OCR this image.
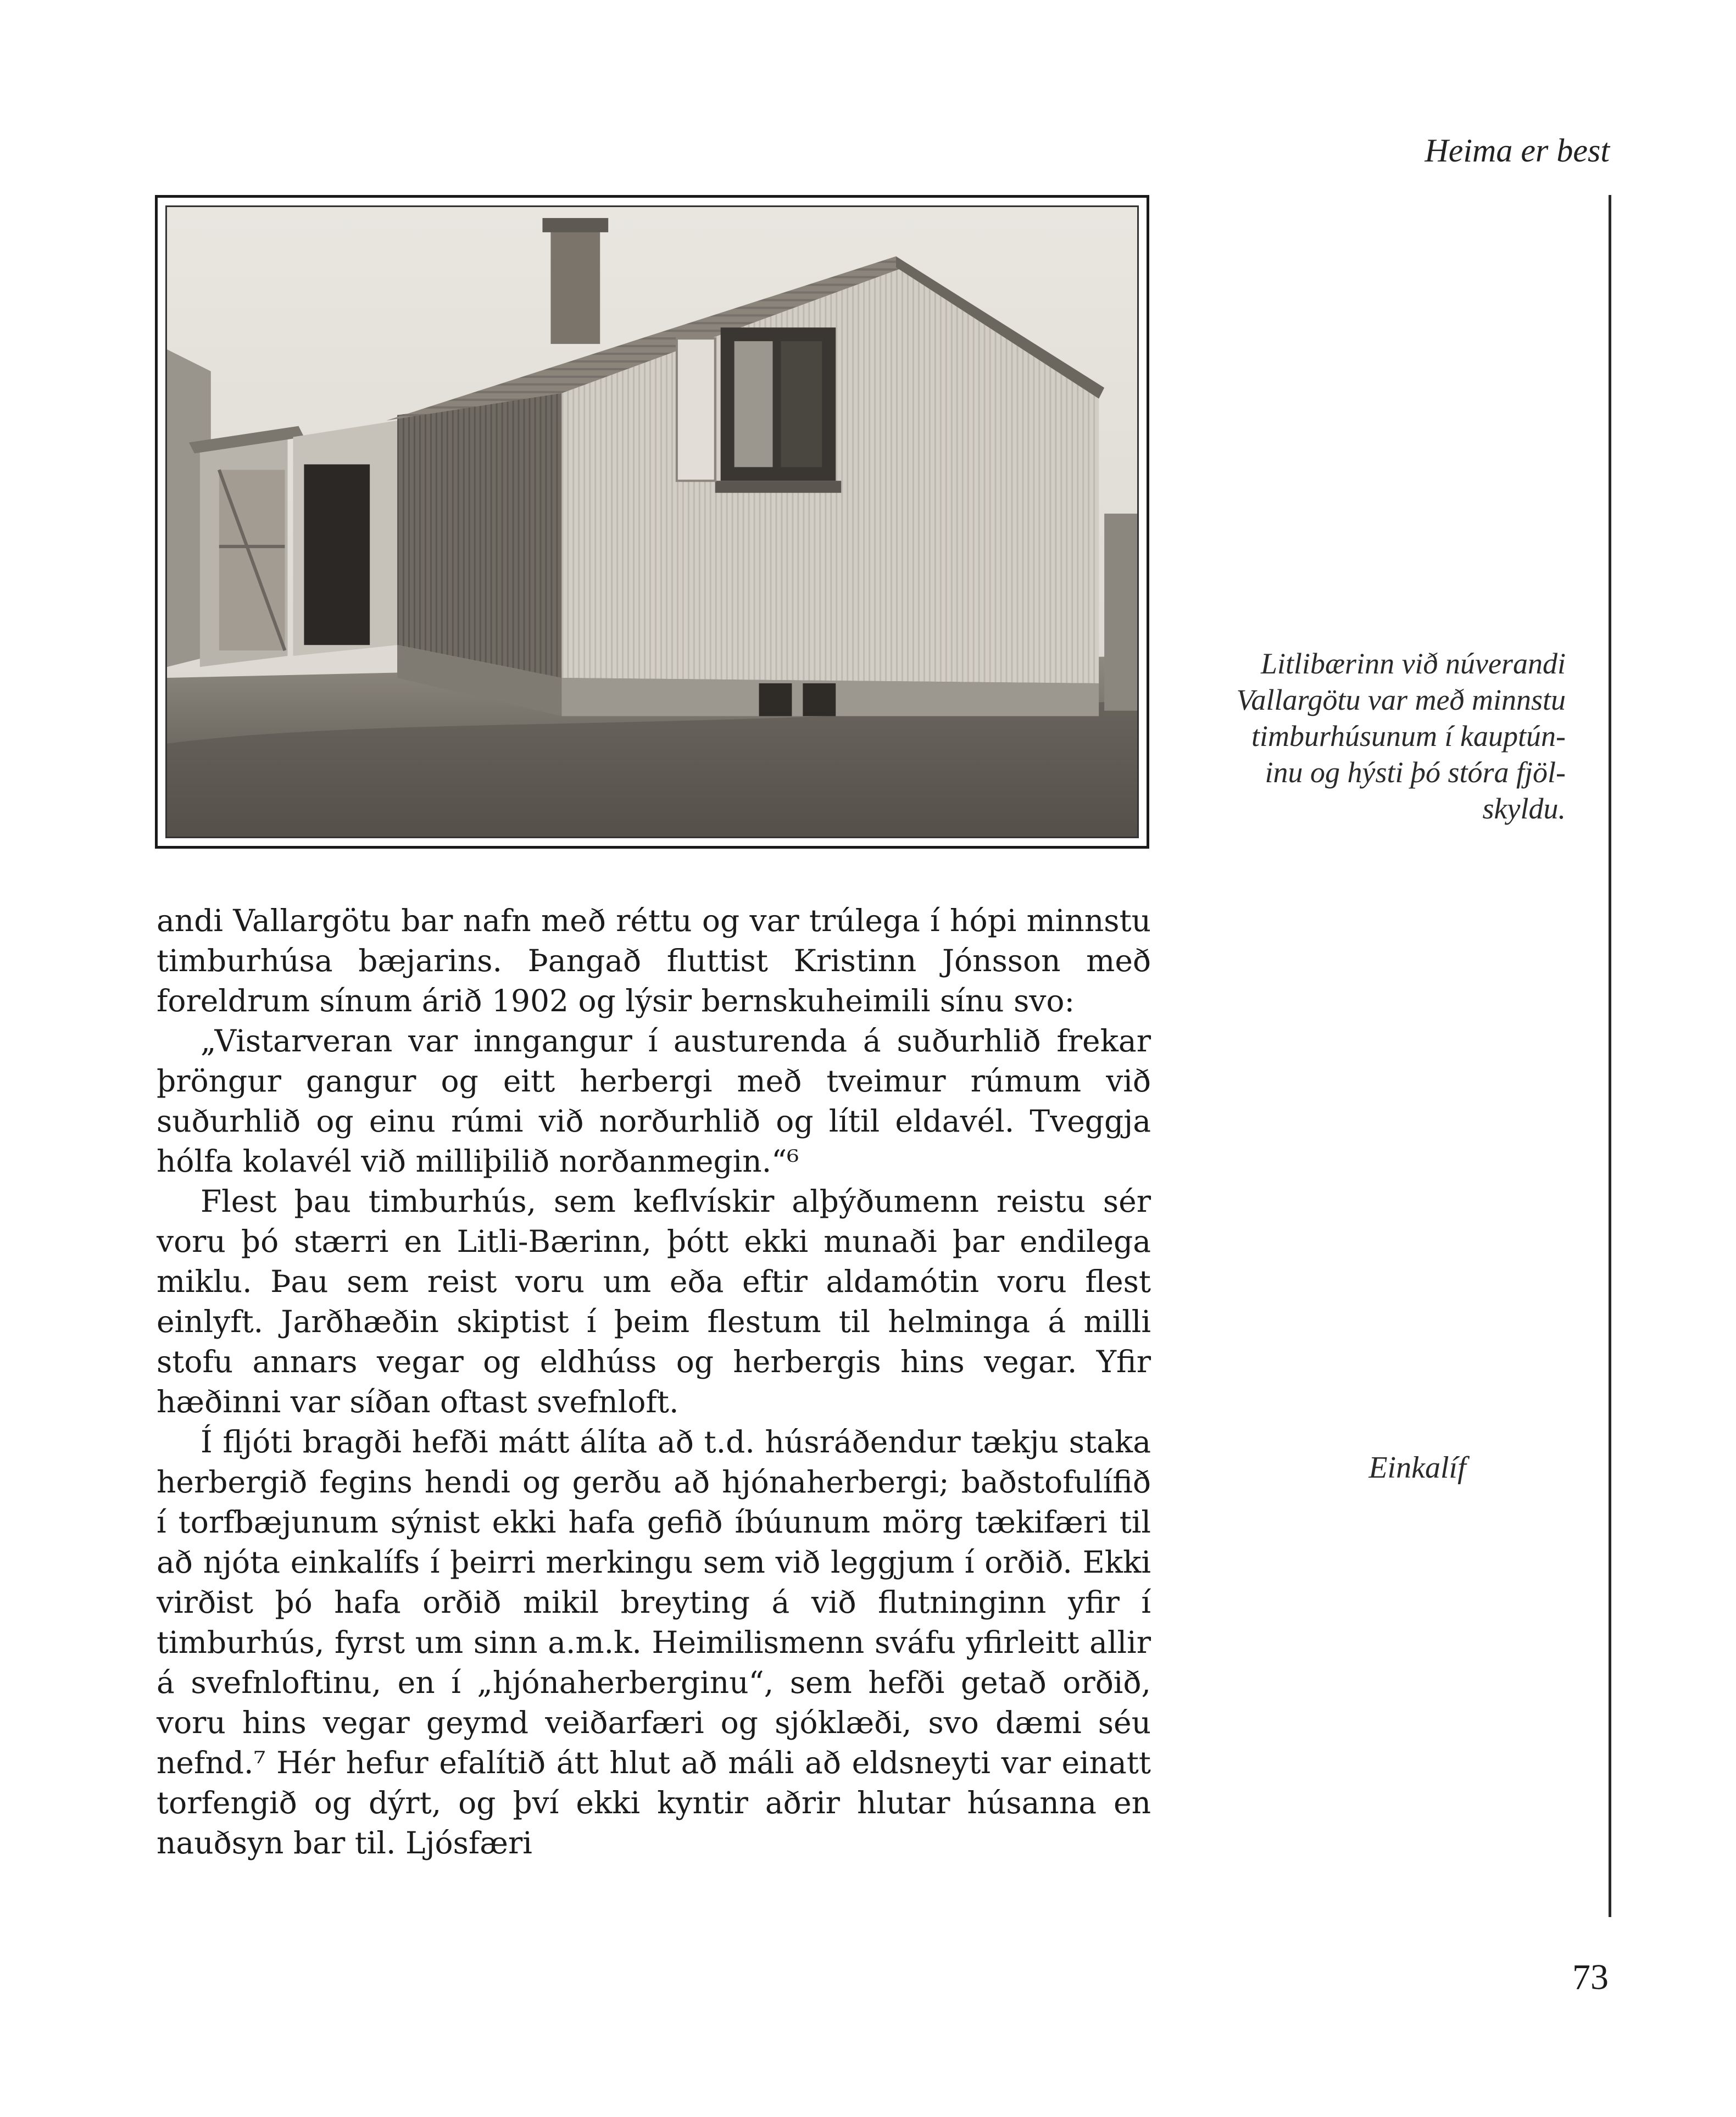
Heima er best
Litlibærinn við núverandi
Vallargötu var með minnstu
timburhúsunum í kauptún-
inu og hýsti þó stóra fjöl-
skyldu.

andi Vallargötu bar nafn með réttu og var trúlega í hópi minnstu timburhúsa bæjarins. Þangað fluttist Kristinn Jónsson með foreldrum sínum árið 1902 og lýsir bernskuheimili sínu svo:

„Vistarveran var inngangur í austurenda á suðurhlið frekar þröngur gangur og eitt herbergi með tveimur rúmum við suðurhlið og einu rúmi við norðurhlið og lítil eldavél. Tveggja hólfa kolavél við milliþilið norðanmegin.“⁶

Flest þau timburhús, sem keflvískir alþýðumenn reistu sér voru þó stærri en Litli-Bærinn, þótt ekki munaði þar endilega miklu. Þau sem reist voru um eða eftir aldamótin voru flest einlyft. Jarðhæðin skiptist í þeim flestum til helminga á milli stofu annars vegar og eldhúss og herbergis hins vegar. Yfir hæðinni var síðan oftast svefnloft.

Í fljóti bragði hefði mátt álíta að t.d. húsráðendur tækju staka herbergið fegins hendi og gerðu að hjónaherbergi; baðstofulífið í torfbæjunum sýnist ekki hafa gefið íbúunum mörg tækifæri til að njóta einkalífs í þeirri merkingu sem við leggjum í orðið. Ekki virðist þó hafa orðið mikil breyting á við flutninginn yfir í timburhús, fyrst um sinn a.m.k. Heimilismenn sváfu yfirleitt allir á svefnloftinu, en í „hjónaherberginu“, sem hefði getað orðið, voru hins vegar geymd veiðarfæri og sjóklæði, svo dæmi séu nefnd.⁷ Hér hefur efalítið átt hlut að máli að eldsneyti var einatt torfengið og dýrt, og því ekki kyntir aðrir hlutar húsanna en nauðsyn bar til. Ljósfæri

Einkalíf
73
